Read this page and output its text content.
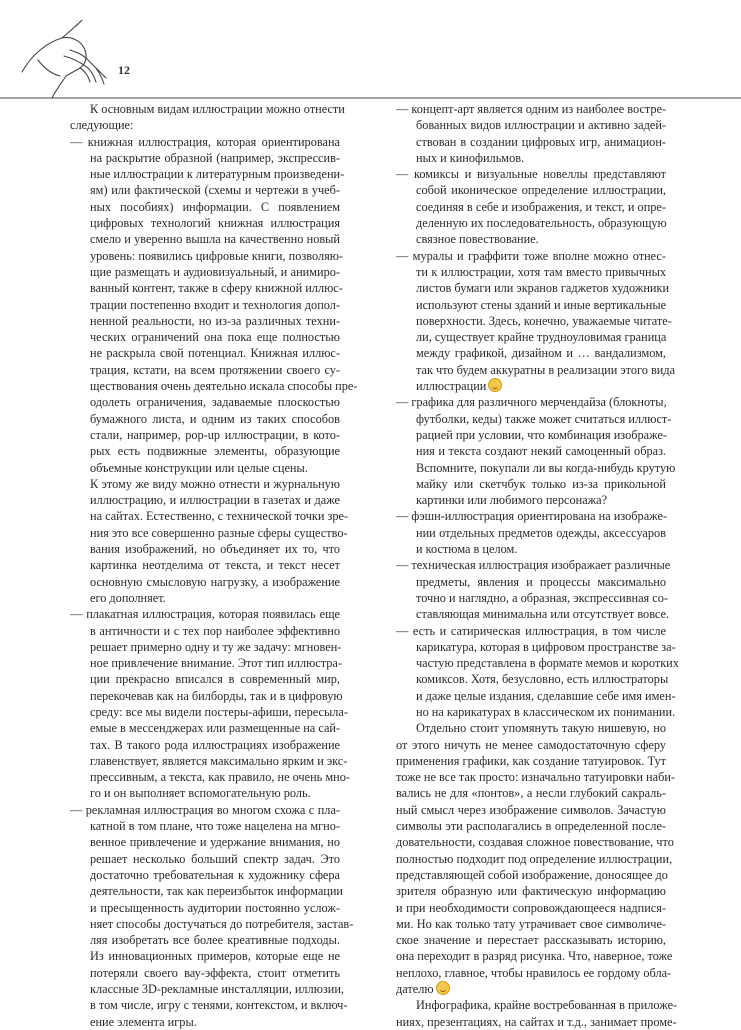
12
К основным видам иллюстрации можно отнести
следующие:
— книжная иллюстрация, которая ориентирована
на раскрытие образной (например, экспрессив-
ные иллюстрации к литературным произведени-
ям) или фактической (схемы и чертежи в учеб-
ных пособиях) информации. С появлением
цифровых технологий книжная иллюстрация
смело и уверенно вышла на качественно новый
уровень: появились цифровые книги, позволяю-
щие размещать и аудиовизуальный, и анимиро-
ванный контент, также в сферу книжной иллюс-
трации постепенно входит и технология допол-
ненной реальности, но из-за различных техни-
ческих ограничений она пока еще полностью
не раскрыла свой потенциал. Книжная иллюс-
трация, кстати, на всем протяжении своего су-
ществования очень деятельно искала способы пре-
одолеть ограничения, задаваемые плоскостью
бумажного листа, и одним из таких способов
стали, например, pop-up иллюстрации, в кото-
рых есть подвижные элементы, образующие
объемные конструкции или целые сцены.
К этому же виду можно отнести и журнальную
иллюстрацию, и иллюстрации в газетах и даже
на сайтах. Естественно, с технической точки зре-
ния это все совершенно разные сферы существо-
вания изображений, но объединяет их то, что
картинка неотделима от текста, и текст несет
основную смысловую нагрузку, а изображение
его дополняет.
— плакатная иллюстрация, которая появилась еще
в античности и с тех пор наиболее эффективно
решает примерно одну и ту же задачу: мгновен-
ное привлечение внимание. Этот тип иллюстра-
ции прекрасно вписался в современный мир,
перекочевав как на билборды, так и в цифровую
среду: все мы видели постеры-афиши, пересыла-
емые в мессенджерах или размещенные на сай-
тах. В такого рода иллюстрациях изображение
главенствует, является максимально ярким и экс-
прессивным, а текста, как правило, не очень мно-
го и он выполняет вспомогательную роль.
— рекламная иллюстрация во многом схожа с пла-
катной в том плане, что тоже нацелена на мгно-
венное привлечение и удержание внимания, но
решает несколько больший спектр задач. Это
достаточно требовательная к художнику сфера
деятельности, так как переизбыток информации
и пресыщенность аудитории постоянно услож-
няет способы достучаться до потребителя, застав-
ляя изобретать все более креативные подходы.
Из инновационных примеров, которые еще не
потеряли своего вау-эффекта, стоит отметить
классные 3D-рекламные инсталляции, иллюзии,
в том числе, игру с тенями, контекстом, и включ-
ение элемента игры.
— концепт-арт является одним из наиболее востре-
бованных видов иллюстрации и активно задей-
ствован в создании цифровых игр, анимацион-
ных и кинофильмов.
— комиксы и визуальные новеллы представляют
собой иконическое определение иллюстрации,
соединяя в себе и изображения, и текст, и опре-
деленную их последовательность, образующую
связное повествование.
— муралы и граффити тоже вполне можно отнес-
ти к иллюстрации, хотя там вместо привычных
листов бумаги или экранов гаджетов художники
используют стены зданий и иные вертикальные
поверхности. Здесь, конечно, уважаемые читате-
ли, существует крайне трудноуловимая граница
между графикой, дизайном и … вандализмом,
так что будем аккуратны в реализации этого вида
иллюстрации
— графика для различного мерчендайза (блокноты,
футболки, кеды) также может считаться иллюст-
рацией при условии, что комбинация изображе-
ния и текста создают некий самоценный образ.
Вспомните, покупали ли вы когда-нибудь крутую
майку или скетчбук только из-за прикольной
картинки или любимого персонажа?
— фэшн-иллюстрация ориентирована на изображе-
нии отдельных предметов одежды, аксессуаров
и костюма в целом.
— техническая иллюстрация изображает различные
предметы, явления и процессы максимально
точно и наглядно, а образная, экспрессивная со-
ставляющая минимальна или отсутствует вовсе.
— есть и сатирическая иллюстрация, в том числе
карикатура, которая в цифровом пространстве за-
частую представлена в формате мемов и коротких
комиксов. Хотя, безусловно, есть иллюстраторы
и даже целые издания, сделавшие себе имя имен-
но на карикатурах в классическом их понимании.
Отдельно стоит упомянуть такую нишевую, но
от этого ничуть не менее самодостаточную сферу
применения графики, как создание татуировок. Тут
тоже не все так просто: изначально татуировки наби-
вались не для «понтов», а несли глубокий сакраль-
ный смысл через изображение символов. Зачастую
символы эти располагались в определенной после-
довательности, создавая сложное повествование, что
полностью подходит под определение иллюстрации,
представляющей собой изображение, доносящее до
зрителя образную или фактическую информацию
и при необходимости сопровождающееся надпися-
ми. Но как только тату утрачивает свое символиче-
ское значение и перестает рассказывать историю,
она переходит в разряд рисунка. Что, наверное, тоже
неплохо, главное, чтобы нравилось ее гордому облa-
дателю
Инфографика, крайне востребованная в приложе-
ниях, презентациях, на сайтах и т.д., занимает проме-
